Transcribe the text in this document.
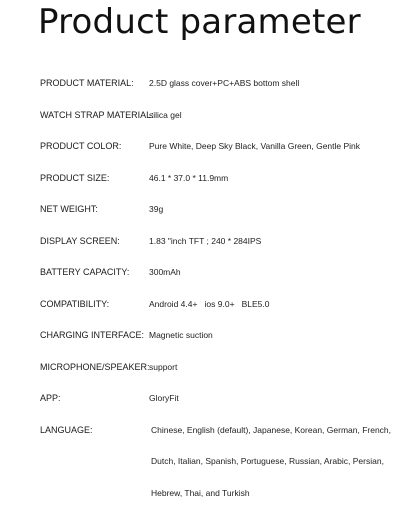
Product parameter
PRODUCT MATERIAL:	2.5D glass cover+PC+ABS bottom shell
WATCH STRAP MATERIAL:
silica gel
PRODUCT COLOR:	Pure White, Deep Sky Black, Vanilla Green, Gentle Pink
PRODUCT SIZE:	46.1 * 37.0 * 11.9mm
NET WEIGHT:	39g
DISPLAY SCREEN:	1.83 "inch TFT ; 240 * 284IPS
BATTERY CAPACITY:	300mAh
COMPATIBILITY:	Android 4.4+   ios 9.0+   BLE5.0
CHARGING INTERFACE: Magnetic suction
MICROPHONE/SPEAKER: support
APP:	GloryFit
LANGUAGE:	Chinese, English (default), Japanese, Korean, German, French,
Dutch, Italian, Spanish, Portuguese, Russian, Arabic, Persian,
Hebrew, Thai, and Turkish
